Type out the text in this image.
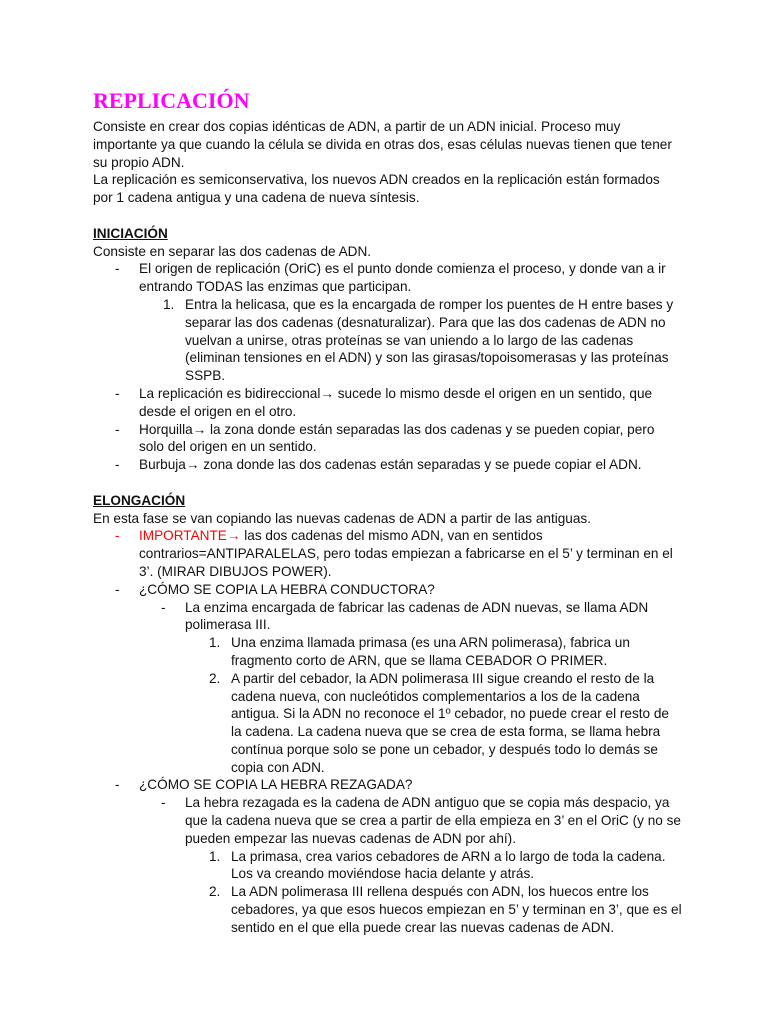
REPLICACIÓN

Consiste en crear dos copias idénticas de ADN, a partir de un ADN inicial. Proceso muy importante ya que cuando la célula se divida en otras dos, esas células nuevas tienen que tener su propio ADN.

La replicación es semiconservativa, los nuevos ADN creados en la replicación están formados por 1 cadena antigua y una cadena de nueva síntesis.

INICIACIÓN

Consiste en separar las dos cadenas de ADN.

- El origen de replicación (OriC) es el punto donde comienza el proceso, y donde van a ir entrando TODAS las enzimas que participan.
1. Entra la helicasa, que es la encargada de romper los puentes de H entre bases y separar las dos cadenas (desnaturalizar). Para que las dos cadenas de ADN no vuelvan a unirse, otras proteínas se van uniendo a lo largo de las cadenas (eliminan tensiones en el ADN) y son las girasas/topoisomerasas y las proteínas SSPB.
- La replicación es bidireccional→ sucede lo mismo desde el origen en un sentido, que desde el origen en el otro.
- Horquilla→ la zona donde están separadas las dos cadenas y se pueden copiar, pero solo del origen en un sentido.
- Burbuja→ zona donde las dos cadenas están separadas y se puede copiar el ADN.
ELONGACIÓN

En esta fase se van copiando las nuevas cadenas de ADN a partir de las antiguas.

- IMPORTANTE→ las dos cadenas del mismo ADN, van en sentidos contrarios=ANTIPARALELAS, pero todas empiezan a fabricarse en el 5’ y terminan en el 3’. (MIRAR DIBUJOS POWER).
- ¿CÓMO SE COPIA LA HEBRA CONDUCTORA?
- La enzima encargada de fabricar las cadenas de ADN nuevas, se llama ADN polimerasa III.
1. Una enzima llamada primasa (es una ARN polimerasa), fabrica un fragmento corto de ARN, que se llama CEBADOR O PRIMER.
2. A partir del cebador, la ADN polimerasa III sigue creando el resto de la cadena nueva, con nucleótidos complementarios a los de la cadena antigua. Si la ADN no reconoce el 1º cebador, no puede crear el resto de la cadena. La cadena nueva que se crea de esta forma, se llama hebra contínua porque solo se pone un cebador, y después todo lo demás se copia con ADN.
- ¿CÓMO SE COPIA LA HEBRA REZAGADA?
- La hebra rezagada es la cadena de ADN antiguo que se copia más despacio, ya que la cadena nueva que se crea a partir de ella empieza en 3’ en el OriC (y no se pueden empezar las nuevas cadenas de ADN por ahí).
1. La primasa, crea varios cebadores de ARN a lo largo de toda la cadena. Los va creando moviéndose hacia delante y atrás.
2. La ADN polimerasa III rellena después con ADN, los huecos entre los cebadores, ya que esos huecos empiezan en 5’ y terminan en 3’, que es el sentido en el que ella puede crear las nuevas cadenas de ADN.
